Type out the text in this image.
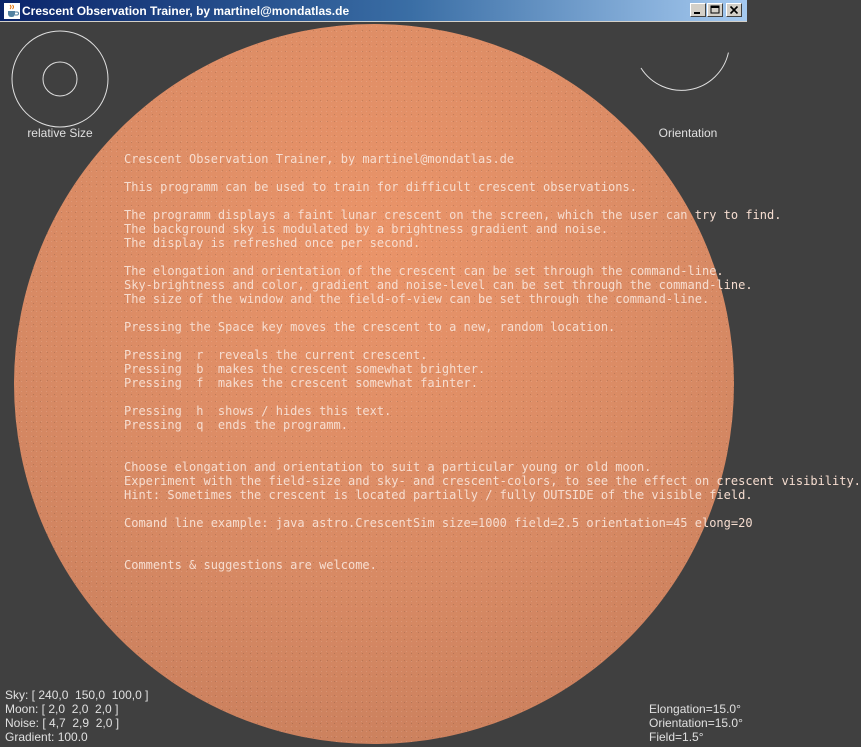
Crescent Observation Trainer, by martinel@mondatlas.de
relative Size	Orientation
Crescent Observation Trainer, by martinel@mondatlas.de

This programm can be used to train for difficult crescent observations.

The programm displays a faint lunar crescent on the screen, which the user can try to find.
The background sky is modulated by a brightness gradient and noise.
The display is refreshed once per second.

The elongation and orientation of the crescent can be set through the command-line.
Sky-brightness and color, gradient and noise-level can be set through the command-line.
The size of the window and the field-of-view can be set through the command-line.

Pressing the Space key moves the crescent to a new, random location.

Pressing  r  reveals the current crescent.
Pressing  b  makes the crescent somewhat brighter.
Pressing  f  makes the crescent somewhat fainter.

Pressing  h  shows / hides this text.
Pressing  q  ends the programm.

Choose elongation and orientation to suit a particular young or old moon.
Experiment with the field-size and sky- and crescent-colors, to see the effect on crescent visibility.
Hint: Sometimes the crescent is located partially / fully OUTSIDE of the visible field.

Comand line example: java astro.CrescentSim size=1000 field=2.5 orientation=45 elong=20

Comments & suggestions are welcome.
Sky: [ 240,0  150,0  100,0 ]
Moon: [ 2,0  2,0  2,0 ]
Noise: [ 4,7  2,9  2,0 ]
Gradient: 100.0
Elongation=15.0°
Orientation=15.0°
Field=1.5°
